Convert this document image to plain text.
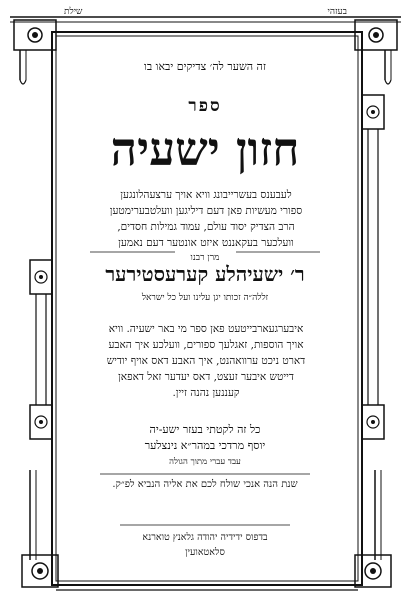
שילת	בעזהי
זה השער לה׳ צדיקים יבאו בו
ספר
חזון ישעיה
לעבענס בעשרייבונג וויא אויך ערצעהלונגען
ספורי מעשיות פאן דעם דיליגען וועלטבערימטען
הרב הצדיק יסוד עולם, עמוד גמילות חסדים,
וועלכער בעקאננט איזט אונטער דעם נאמען
מרן רבנו
ר׳ ישעיהלע קערעסטירער
זללה״ה זכותו יגן עלינו ועל כל ישראל
איבערגעארבייטעט פאן ספר מי באר ישעיה. וויא
אויך הוספות, זאגלעך ספורים, וועלכע איך האבע
דארט ניכט ערוואהנט, איך האבע דאס אויף יודיש
דייטש איבער זעצט, דאס יעדער זאל דאפאן
קעננען נהנה זיין.
כל זה לקטתי בעזר ישע-יה
יוסף מרדכי במהר״א נינצלער
עבד עברי מתוך הגולה
שנת הנה אנכי שולח לכם את אליה הנביא לפ״ק.
בדפוס ידידיה יהודה גלאנץ טוארנא
סלאטאועין
